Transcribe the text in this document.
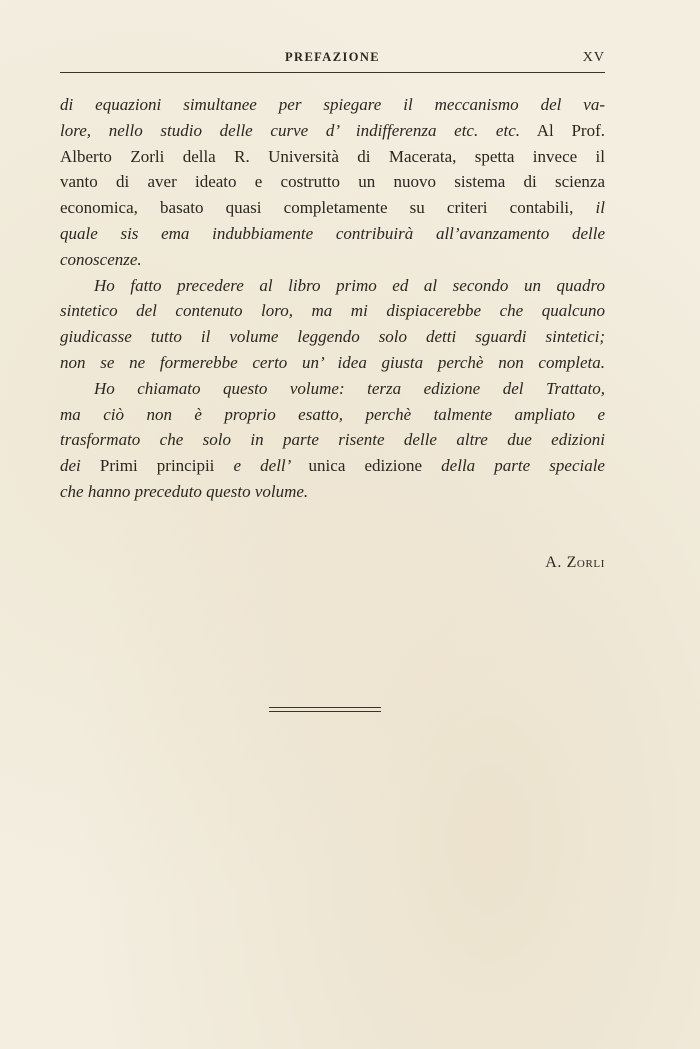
PREFAZIONE	XV
di equazioni simultanee per spiegare il meccanismo del va-
lore, nello studio delle curve d’ indifferenza etc. etc. Al Prof.
Alberto Zorli della R. Università di Macerata, spetta invece il
vanto di aver ideato e costrutto un nuovo sistema di scienza
economica, basato quasi completamente su criteri contabili, il
quale sis ema indubbiamente contribuirà all’avanzamento delle
conoscenze.
Ho fatto precedere al libro primo ed al secondo un quadro
sintetico del contenuto loro, ma mi dispiacerebbe che qualcuno
giudicasse tutto il volume leggendo solo detti sguardi sintetici;
non se ne formerebbe certo un’ idea giusta perchè non completa.
Ho chiamato questo volume: terza edizione del Trattato,
ma ciò non è proprio esatto, perchè talmente ampliato e
trasformato che solo in parte risente delle altre due edizioni
dei Primi principii e dell’ unica edizione della parte speciale
che hanno preceduto questo volume.
A. Zorli
